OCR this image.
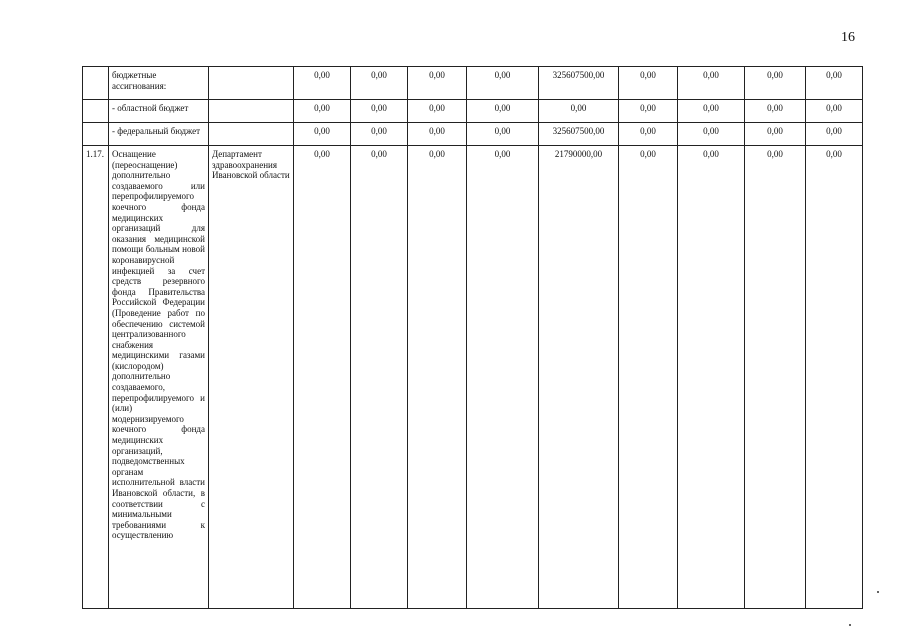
16
	бюджетные ассигнования:		0,00	0,00	0,00	0,00	325607500,00	0,00	0,00	0,00	0,00
	- областной бюджет		0,00	0,00	0,00	0,00	0,00	0,00	0,00	0,00	0,00
	- федеральный бюджет		0,00	0,00	0,00	0,00	325607500,00	0,00	0,00	0,00	0,00
1.17.	Оснащение (переоснащение) дополнительно создаваемого или перепрофилируемого коечного фонда медицинских организаций для оказания медицинской помощи больным новой коронавирусной инфекцией за счет средств резервного фонда Правительства Российской Федерации (Проведение работ по обеспечению системой централизованного снабжения медицинскими газами (кислородом) дополнительно создаваемого, перепрофилируемого и (или) модернизируемого коечного фонда медицинских организаций, подведомственных органам исполнительной власти Ивановской области, в соответствии с минимальными требованиями к осуществлению	Департамент здравоохранения Ивановской области	0,00	0,00	0,00	0,00	21790000,00	0,00	0,00	0,00	0,00
